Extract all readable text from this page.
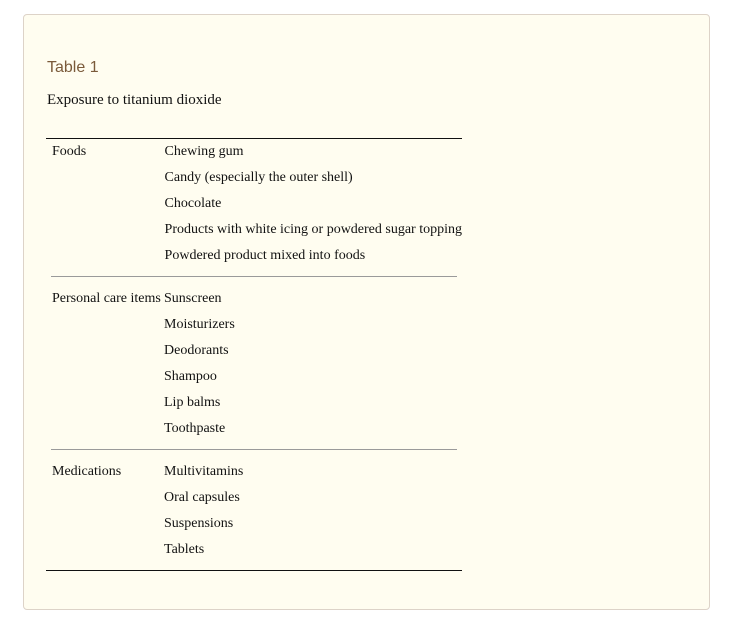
Table 1

Exposure to titanium dioxide

Foods	Chewing gum
Candy (especially the outer shell)
Chocolate
Products with white icing or powdered sugar topping
Powdered product mixed into foods
Personal care items Sunscreen
Moisturizers
Deodorants
Shampoo
Lip balms
Toothpaste
Medications	Multivitamins
Oral capsules
Suspensions
Tablets
